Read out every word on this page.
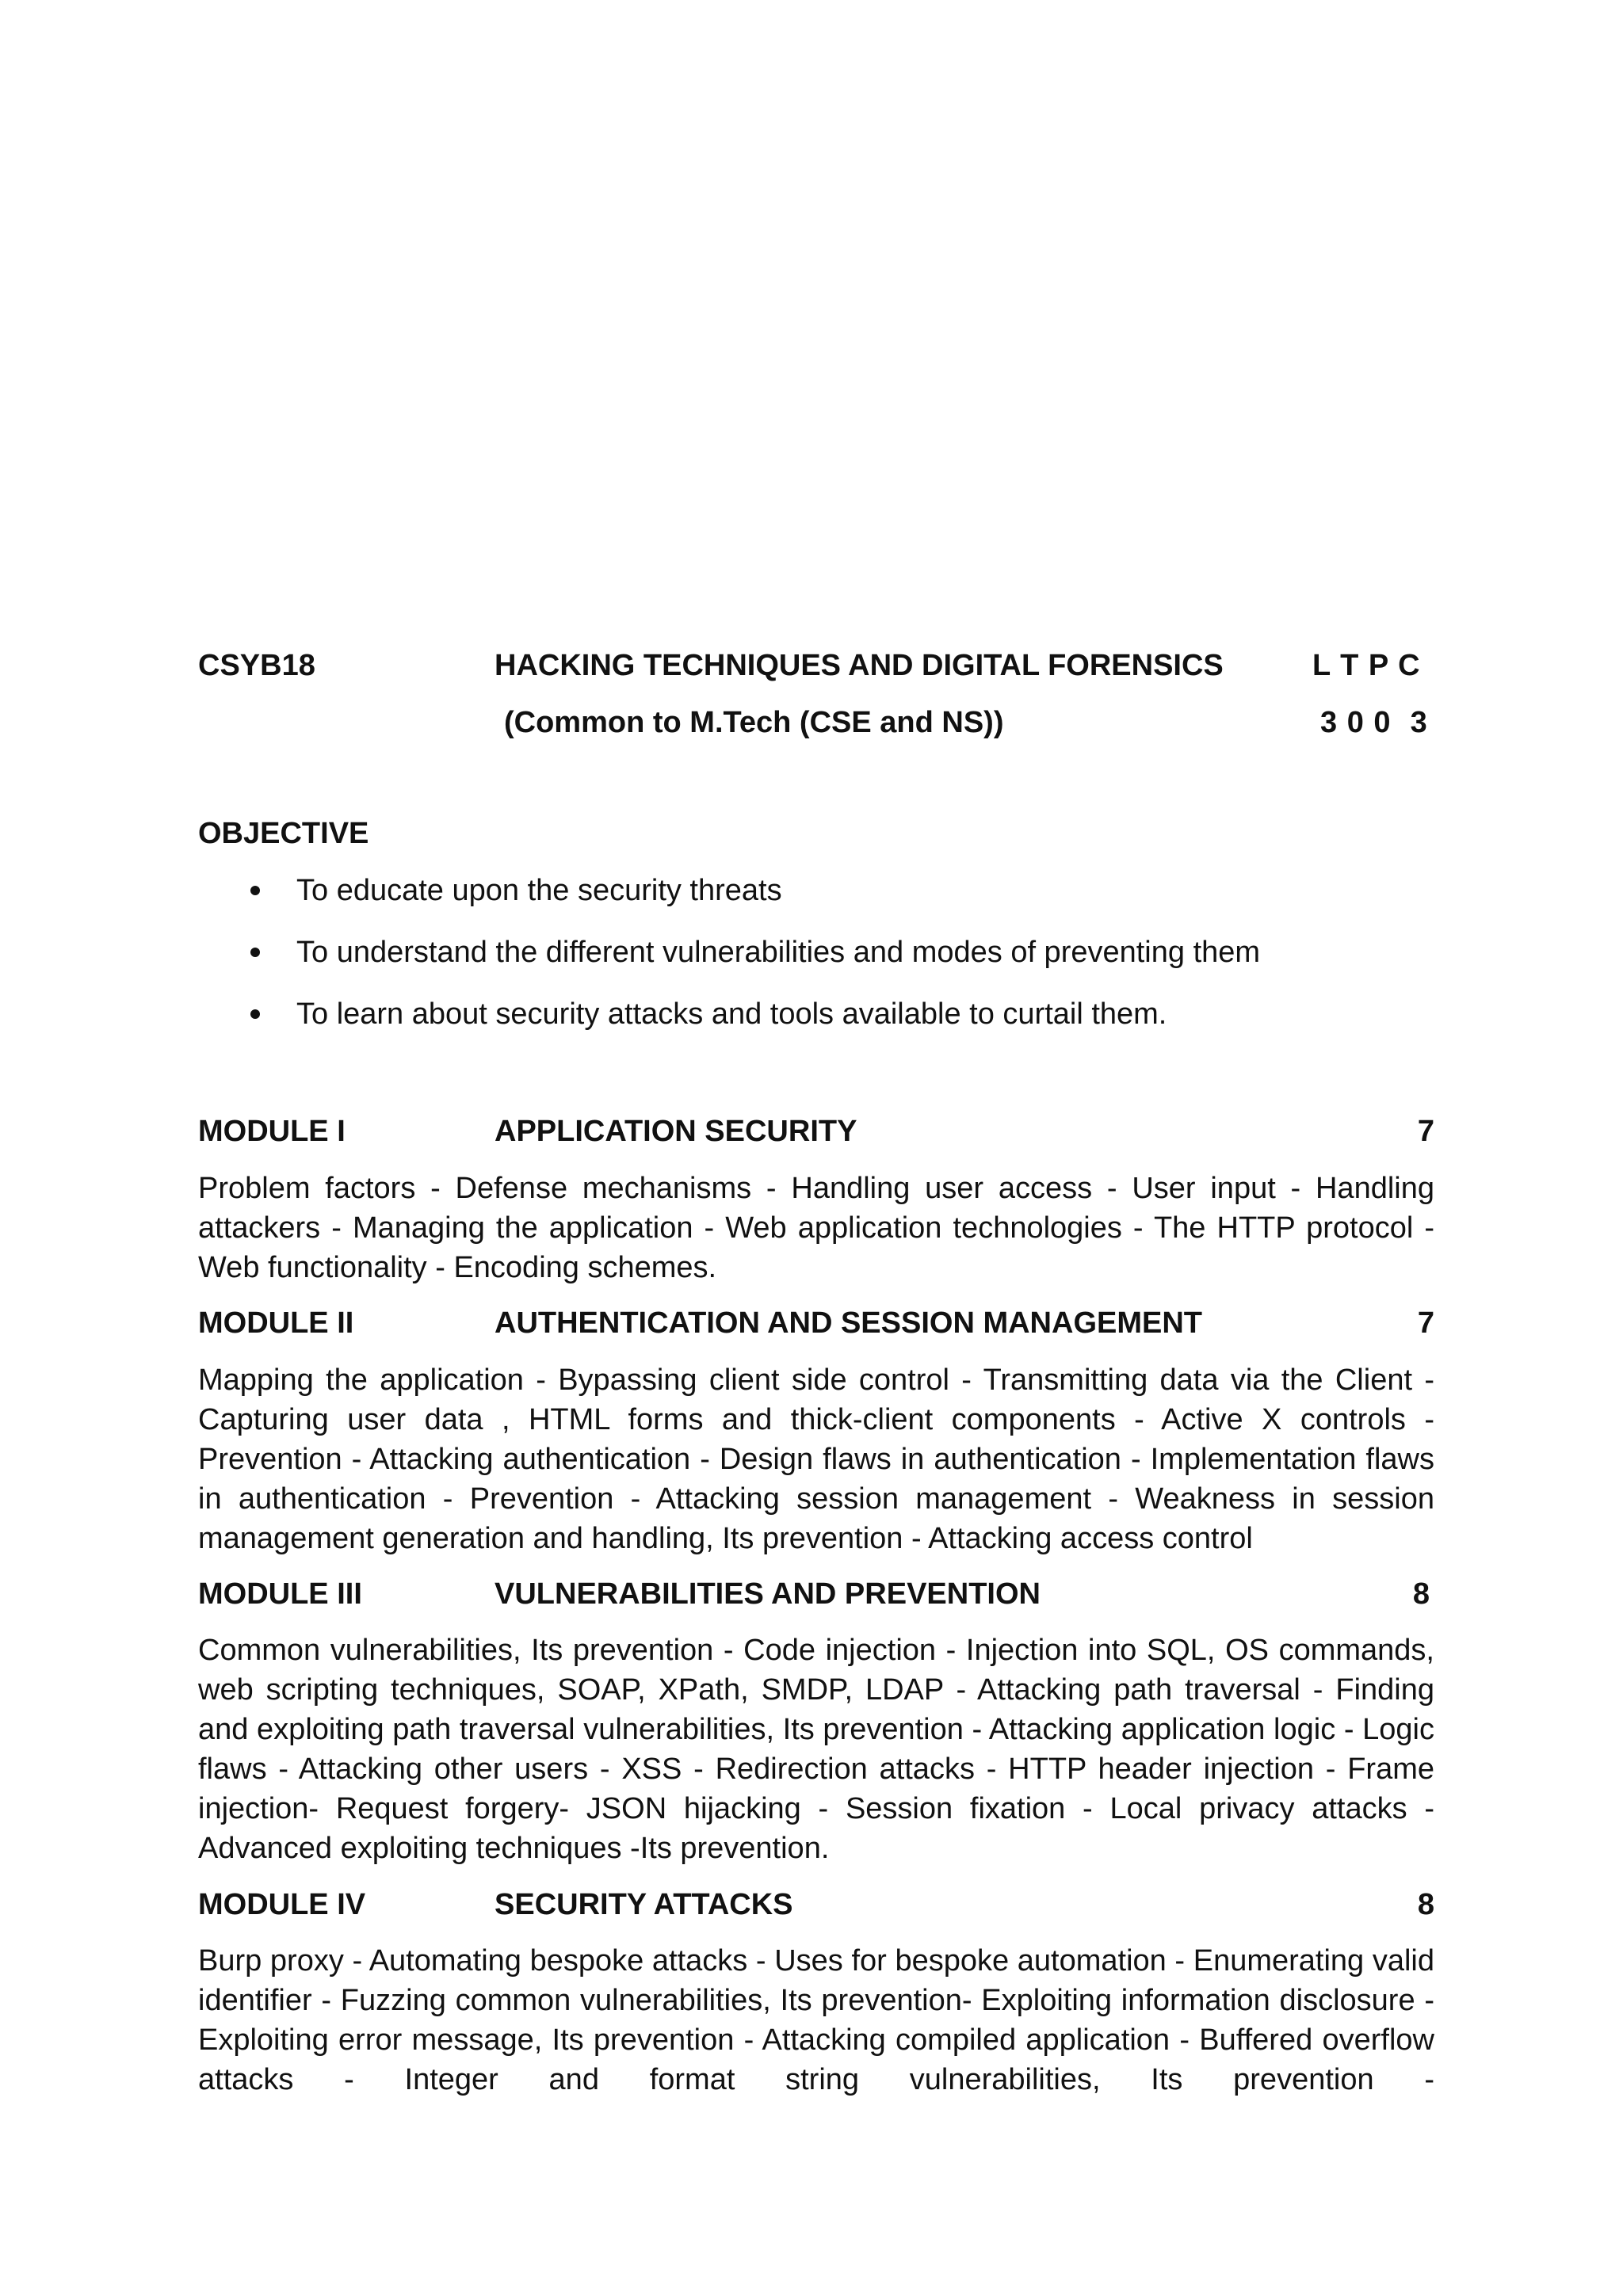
CSYB18	HACKING TECHNIQUES AND DIGITAL FORENSICS	L T P C
(Common to M.Tech (CSE and NS))	3 0 0  3
OBJECTIVE
To educate upon the security threats
To understand the different vulnerabilities and modes of preventing them
To learn about security attacks and tools available to curtail them.
MODULE I	APPLICATION SECURITY	7

Problem factors - Defense mechanisms - Handling user access - User input - Handling attackers - Managing the application - Web application technologies - The HTTP protocol - Web functionality - Encoding schemes.

MODULE II	AUTHENTICATION AND SESSION MANAGEMENT	7

Mapping the application - Bypassing client side control - Transmitting data via the Client - Capturing user data , HTML forms and thick-client components - Active X controls - Prevention - Attacking authentication - Design flaws in authentication - Implementation flaws in authentication - Prevention - Attacking session management - Weakness in session management generation and handling, Its prevention - Attacking access control

MODULE III	VULNERABILITIES AND PREVENTION	8

Common vulnerabilities, Its prevention - Code injection - Injection into SQL, OS commands, web scripting techniques, SOAP, XPath, SMDP, LDAP - Attacking path traversal - Finding and exploiting path traversal vulnerabilities, Its prevention - Attacking application logic - Logic flaws - Attacking other users - XSS - Redirection attacks - HTTP header injection - Frame injection- Request forgery- JSON hijacking - Session fixation - Local privacy attacks - Advanced exploiting techniques -Its prevention.

MODULE IV	SECURITY ATTACKS	8

Burp proxy - Automating bespoke attacks - Uses for bespoke automation - Enumerating valid identifier - Fuzzing common vulnerabilities, Its prevention- Exploiting information disclosure - Exploiting error message, Its prevention - Attacking compiled application - Buffered overflow attacks - Integer and format string vulnerabilities, Its prevention -
